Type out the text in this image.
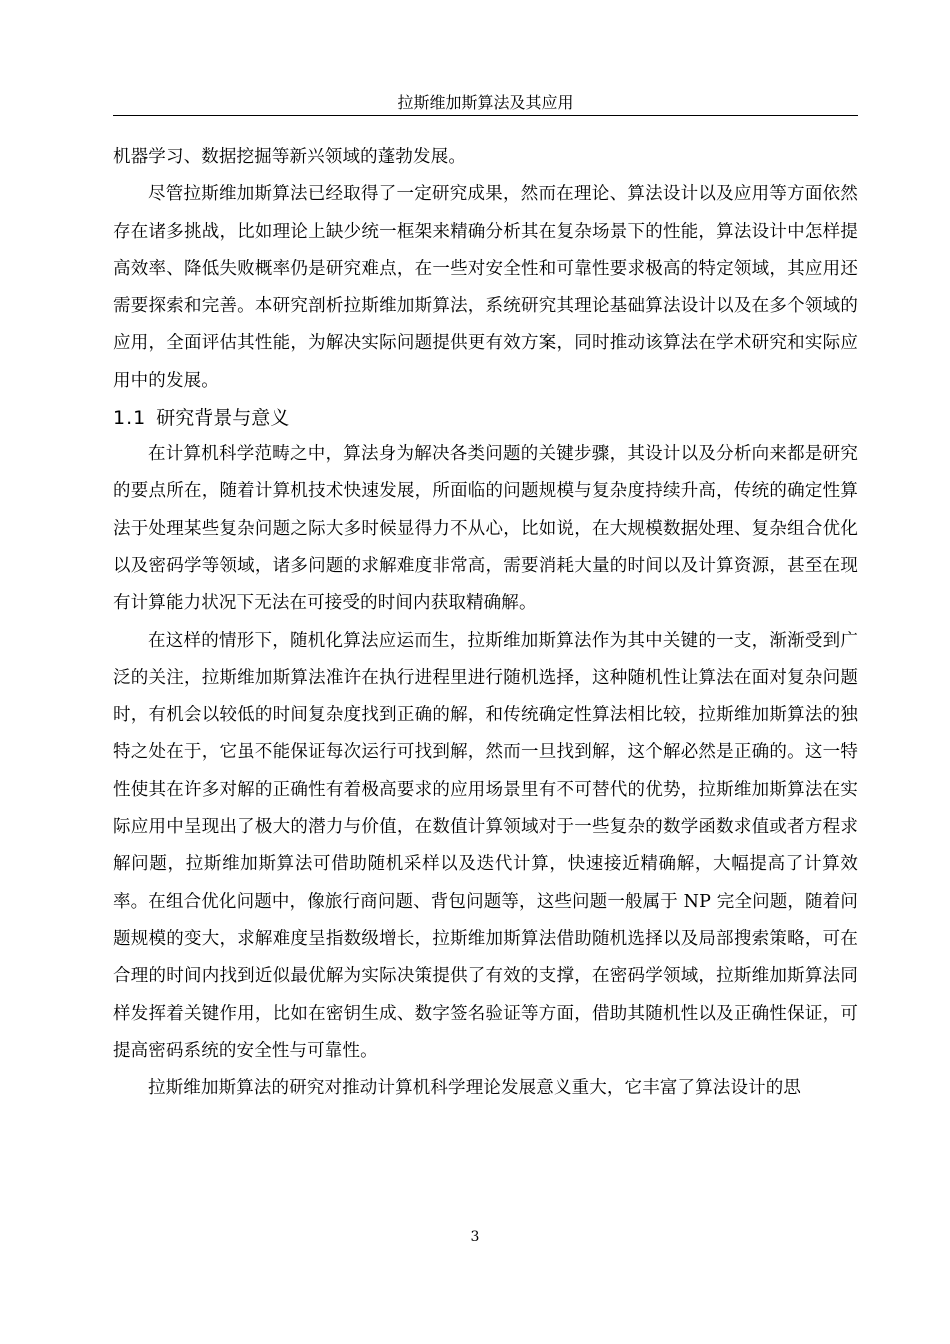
拉斯维加斯算法及其应用

机器学习、数据挖掘等新兴领域的蓬勃发展。

尽管拉斯维加斯算法已经取得了一定研究成果，然而在理论、算法设计以及应用等方面依然存在诸多挑战，比如理论上缺少统一框架来精确分析其在复杂场景下的性能，算法设计中怎样提高效率、降低失败概率仍是研究难点，在一些对安全性和可靠性要求极高的特定领域，其应用还需要探索和完善。本研究剖析拉斯维加斯算法，系统研究其理论基础算法设计以及在多个领域的应用，全面评估其性能，为解决实际问题提供更有效方案，同时推动该算法在学术研究和实际应用中的发展。

1.1 研究背景与意义

在计算机科学范畴之中，算法身为解决各类问题的关键步骤，其设计以及分析向来都是研究的要点所在，随着计算机技术快速发展，所面临的问题规模与复杂度持续升高，传统的确定性算法于处理某些复杂问题之际大多时候显得力不从心，比如说，在大规模数据处理、复杂组合优化以及密码学等领域，诸多问题的求解难度非常高，需要消耗大量的时间以及计算资源，甚至在现有计算能力状况下无法在可接受的时间内获取精确解。

在这样的情形下，随机化算法应运而生，拉斯维加斯算法作为其中关键的一支，渐渐受到广泛的关注，拉斯维加斯算法准许在执行进程里进行随机选择，这种随机性让算法在面对复杂问题时，有机会以较低的时间复杂度找到正确的解，和传统确定性算法相比较，拉斯维加斯算法的独特之处在于，它虽不能保证每次运行可找到解，然而一旦找到解，这个解必然是正确的。这一特性使其在许多对解的正确性有着极高要求的应用场景里有不可替代的优势，拉斯维加斯算法在实际应用中呈现出了极大的潜力与价值，在数值计算领域对于一些复杂的数学函数求值或者方程求解问题，拉斯维加斯算法可借助随机采样以及迭代计算，快速接近精确解，大幅提高了计算效率。在组合优化问题中，像旅行商问题、背包问题等，这些问题一般属于 NP 完全问题，随着问题规模的变大，求解难度呈指数级增长，拉斯维加斯算法借助随机选择以及局部搜索策略，可在合理的时间内找到近似最优解为实际决策提供了有效的支撑，在密码学领域，拉斯维加斯算法同样发挥着关键作用，比如在密钥生成、数字签名验证等方面，借助其随机性以及正确性保证，可提高密码系统的安全性与可靠性。

拉斯维加斯算法的研究对推动计算机科学理论发展意义重大，它丰富了算法设计的思

3
